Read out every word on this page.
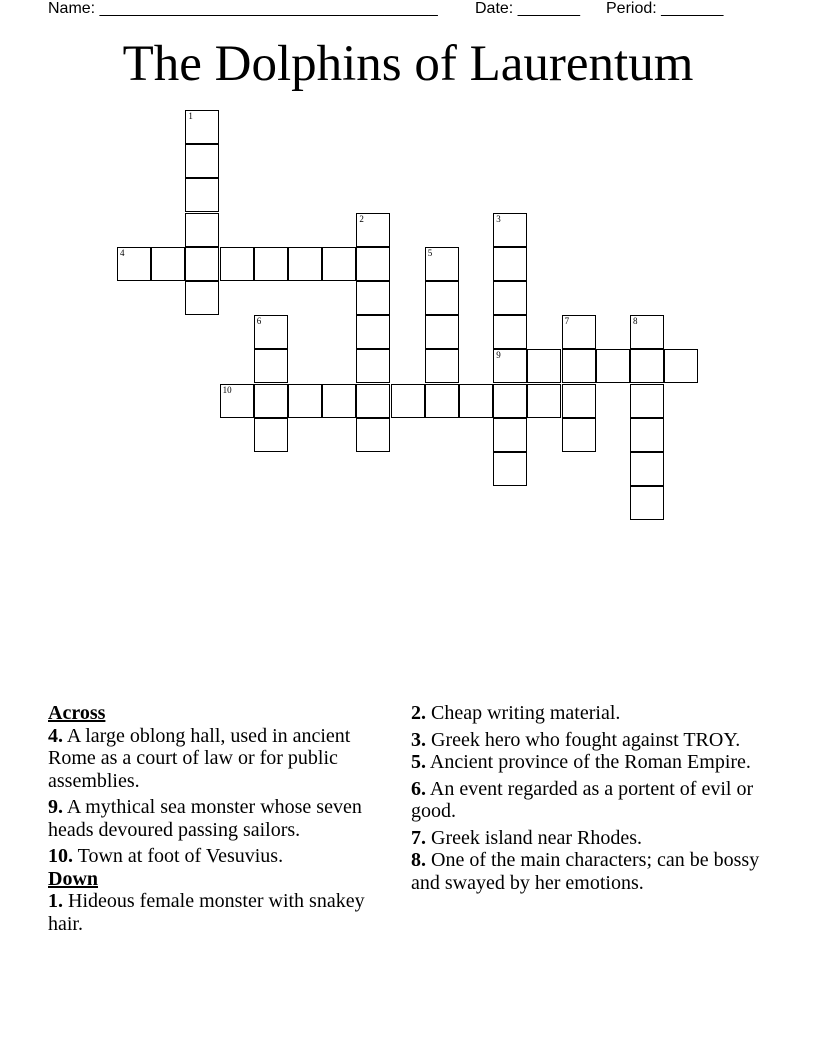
Name: ______________________________________ Date: _______ Period: _______
The Dolphins of Laurentum
1
2	3
9
4	5
6	7	8
10
Across
4. A large oblong hall, used in ancient Rome as a court of law or for public assemblies.
9. A mythical sea monster whose seven heads devoured passing sailors.
10. Town at foot of Vesuvius.
Down
1. Hideous female monster with snakey hair.
2. Cheap writing material.
3. Greek hero who fought against TROY.
5. Ancient province of the Roman Empire.
6. An event regarded as a portent of evil or good.
7. Greek island near Rhodes.
8. One of the main characters; can be bossy and swayed by her emotions.
